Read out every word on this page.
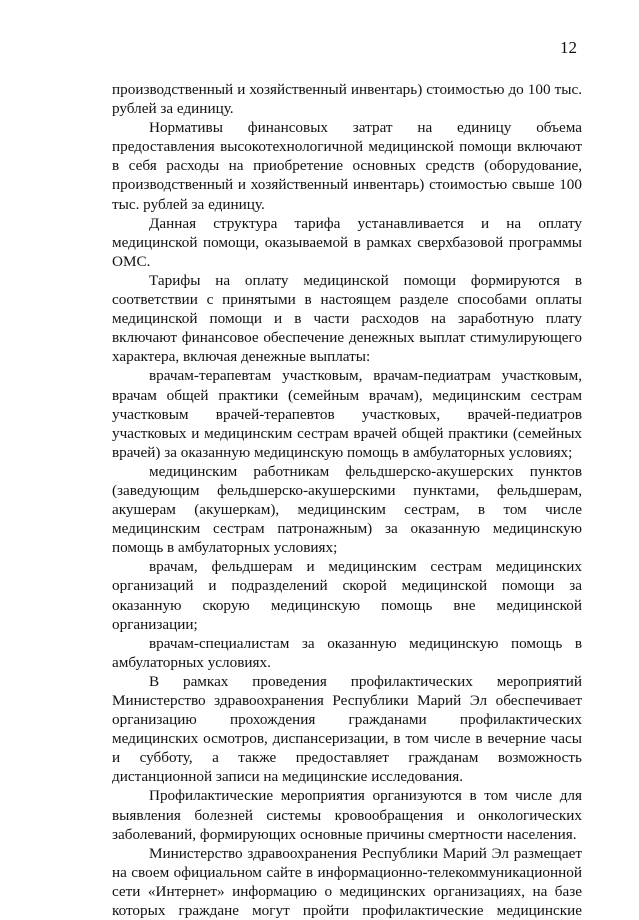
12

производственный и хозяйственный инвентарь) стоимостью до 100 тыс. рублей за единицу.

Нормативы финансовых затрат на единицу объема предоставления высокотехнологичной медицинской помощи включают в себя расходы на приобретение основных средств (оборудование, производственный и хозяйственный инвентарь) стоимостью свыше 100 тыс. рублей за единицу.

Данная структура тарифа устанавливается и на оплату медицинской помощи, оказываемой в рамках сверхбазовой программы ОМС.

Тарифы на оплату медицинской помощи формируются в соответствии с принятыми в настоящем разделе способами оплаты медицинской помощи и в части расходов на заработную плату включают финансовое обеспечение денежных выплат стимулирующего характера, включая денежные выплаты:

врачам-терапевтам участковым, врачам-педиатрам участковым, врачам общей практики (семейным врачам), медицинским сестрам участковым врачей-терапевтов участковых, врачей-педиатров участковых и медицинским сестрам врачей общей практики (семейных врачей) за оказанную медицинскую помощь в амбулаторных условиях;

медицинским работникам фельдшерско-акушерских пунктов (заведующим фельдшерско-акушерскими пунктами, фельдшерам, акушерам (акушеркам), медицинским сестрам, в том числе медицинским сестрам патронажным) за оказанную медицинскую помощь в амбулаторных условиях;

врачам, фельдшерам и медицинским сестрам медицинских организаций и подразделений скорой медицинской помощи за оказанную скорую медицинскую помощь вне медицинской организации;

врачам-специалистам за оказанную медицинскую помощь в амбулаторных условиях.

В рамках проведения профилактических мероприятий Министерство здравоохранения Республики Марий Эл обеспечивает организацию прохождения гражданами профилактических медицинских осмотров, диспансеризации, в том числе в вечерние часы и субботу, а также предоставляет гражданам возможность дистанционной записи на медицинские исследования.

Профилактические мероприятия организуются в том числе для выявления болезней системы кровообращения и онкологических заболеваний, формирующих основные причины смертности населения.

Министерство здравоохранения Республики Марий Эл размещает на своем официальном сайте в информационно-телекоммуникационной сети «Интернет» информацию о медицинских организациях, на базе которых граждане могут пройти профилактические медицинские
